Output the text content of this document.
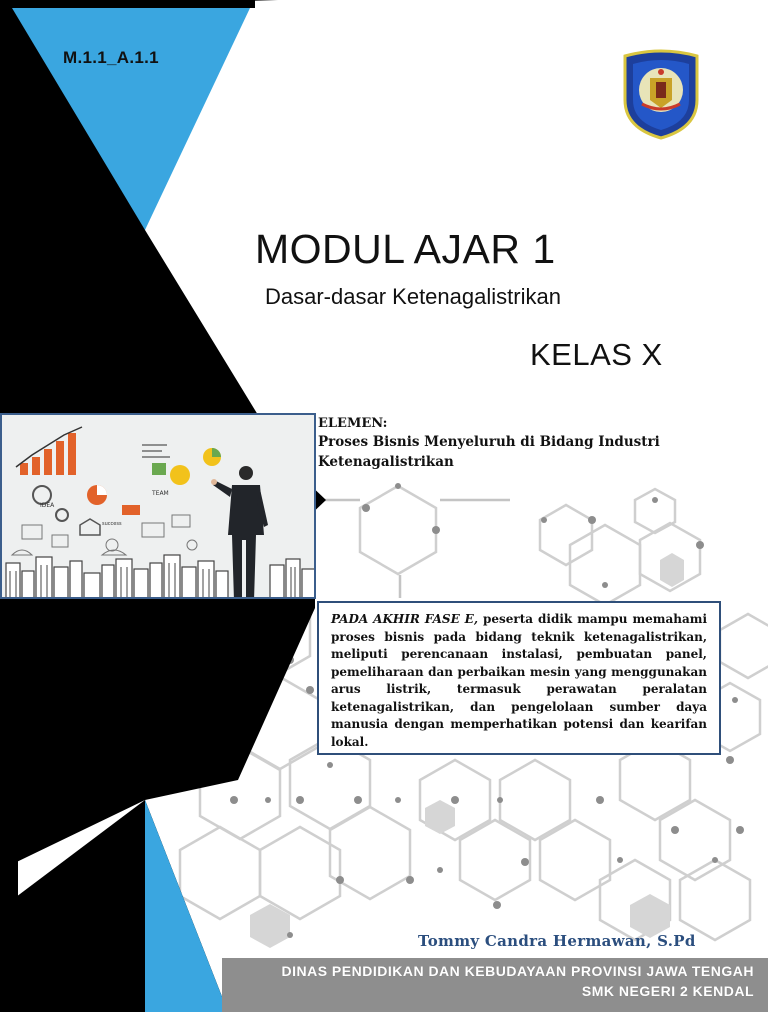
M.1.1_A.1.1
MODUL AJAR 1
Dasar-dasar Ketenagalistrikan
KELAS X
ELEMEN:
Proses Bisnis Menyeluruh di Bidang Industri Ketenagalistrikan
IDEA
TEAM
success

PADA AKHIR FASE E, peserta didik mampu memahami proses bisnis pada bidang teknik ketenagalistrikan, meliputi perencanaan instalasi, pembuatan panel, pemeliharaan dan perbaikan mesin yang menggunakan arus listrik, termasuk perawatan peralatan ketenagalistrikan, dan pengelolaan sumber daya manusia dengan memperhatikan potensi dan kearifan lokal.

Tommy Candra Hermawan, S.Pd
DINAS PENDIDIKAN DAN KEBUDAYAAN PROVINSI JAWA TENGAH
SMK NEGERI 2 KENDAL
